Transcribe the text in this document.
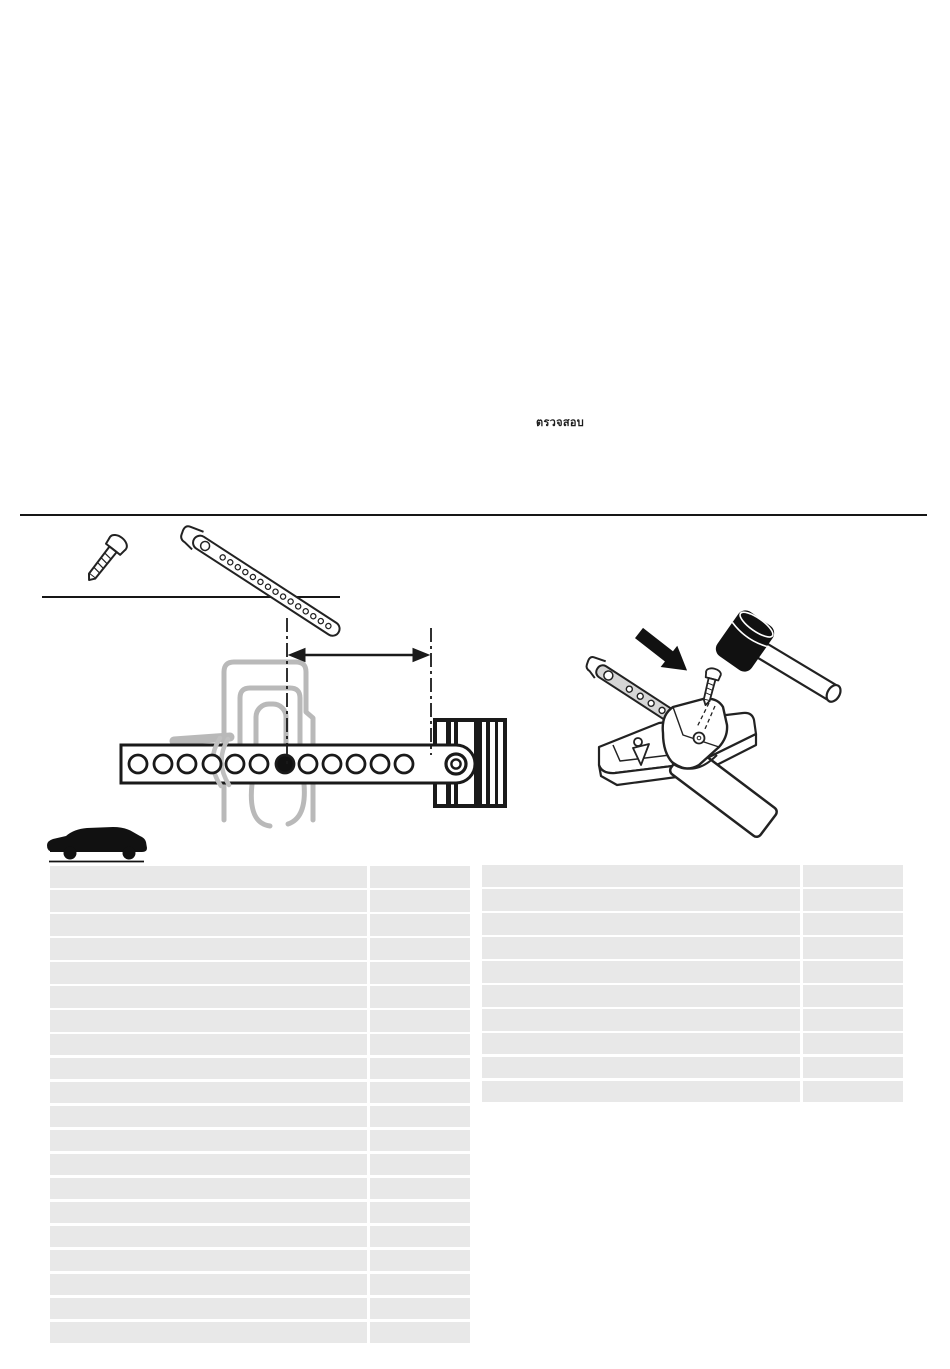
ตรวจสอบ
